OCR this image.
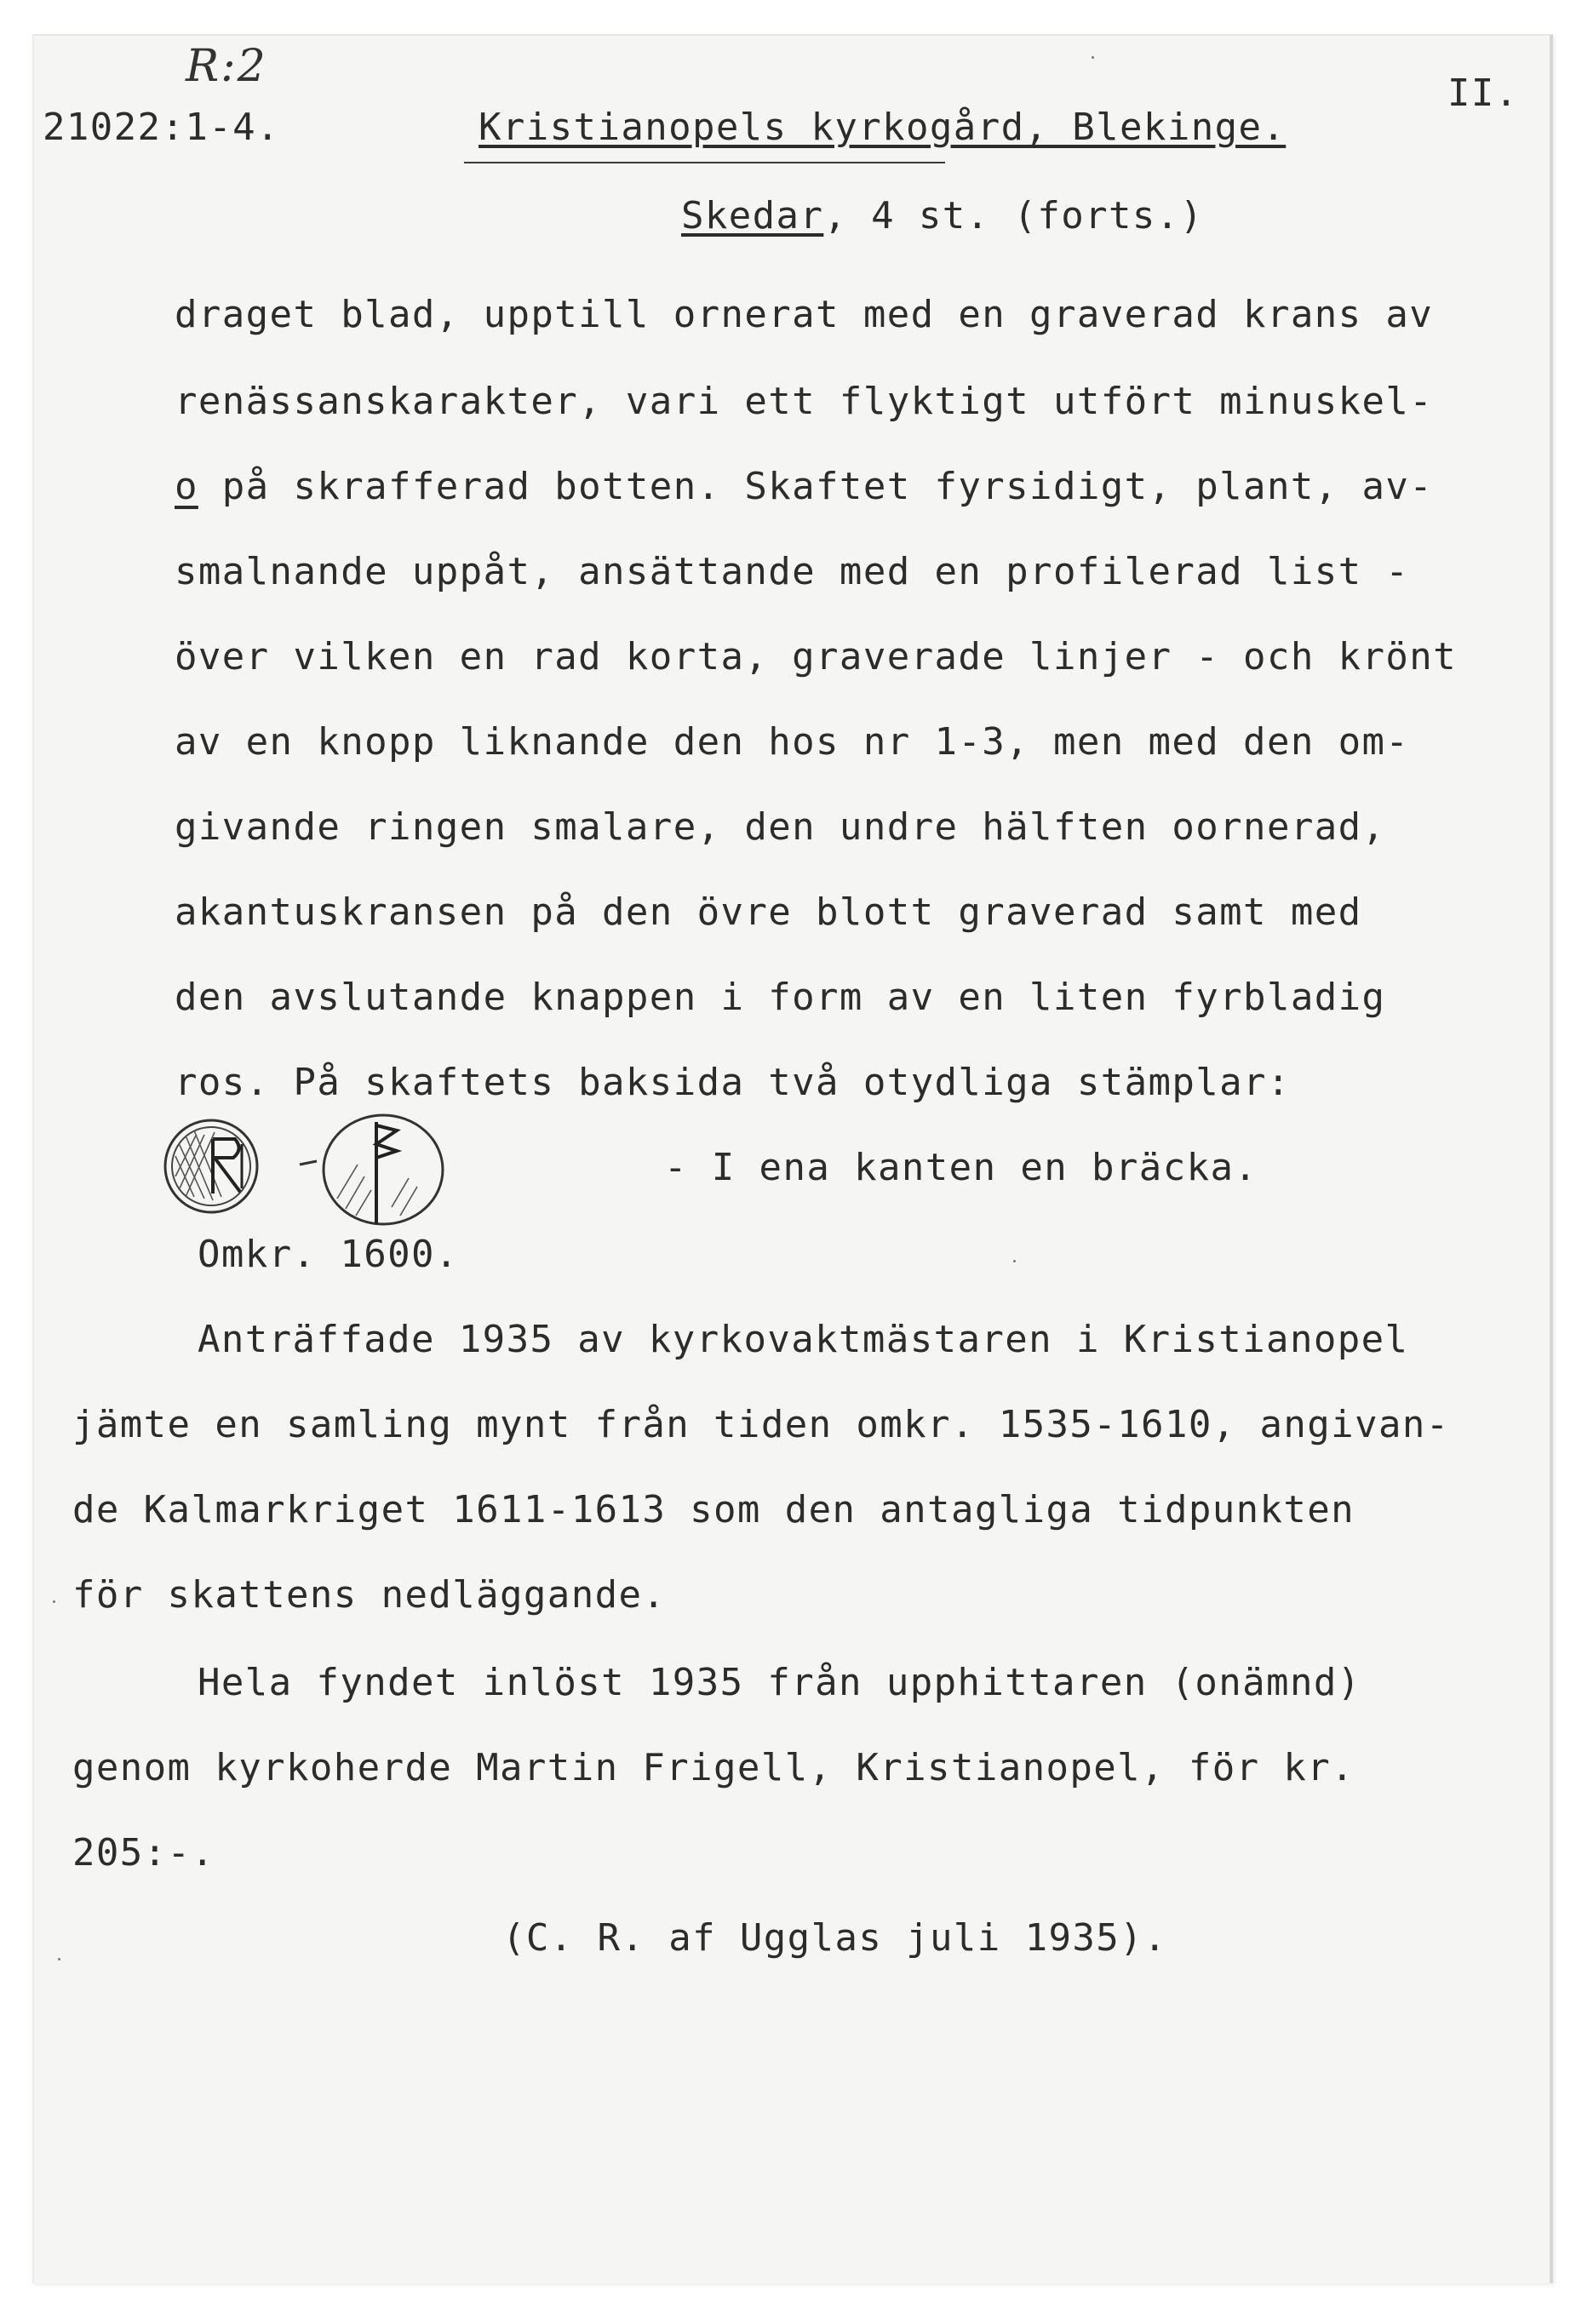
R:2
21022:1-4.	Kristianopels kyrkogård, Blekinge.
II.
Skedar, 4 st. (forts.)
draget blad, upptill ornerat med en graverad krans av
renässanskarakter, vari ett flyktigt utfört minuskel-
o på skrafferad botten. Skaftet fyrsidigt, plant, av-
smalnande uppåt, ansättande med en profilerad list -
över vilken en rad korta, graverade linjer - och krönt
av en knopp liknande den hos nr 1-3, men med den om-
givande ringen smalare, den undre hälften oornerad,
akantuskransen på den övre blott graverad samt med
den avslutande knappen i form av en liten fyrbladig
ros. På skaftets baksida två otydliga stämplar:
- I ena kanten en bräcka.
Omkr. 1600.
Anträffade 1935 av kyrkovaktmästaren i Kristianopel
jämte en samling mynt från tiden omkr. 1535-1610, angivan-
de Kalmarkriget 1611-1613 som den antagliga tidpunkten
för skattens nedläggande.
Hela fyndet inlöst 1935 från upphittaren (onämnd)
genom kyrkoherde Martin Frigell, Kristianopel, för kr.
205:-.
(C. R. af Ugglas juli 1935).
